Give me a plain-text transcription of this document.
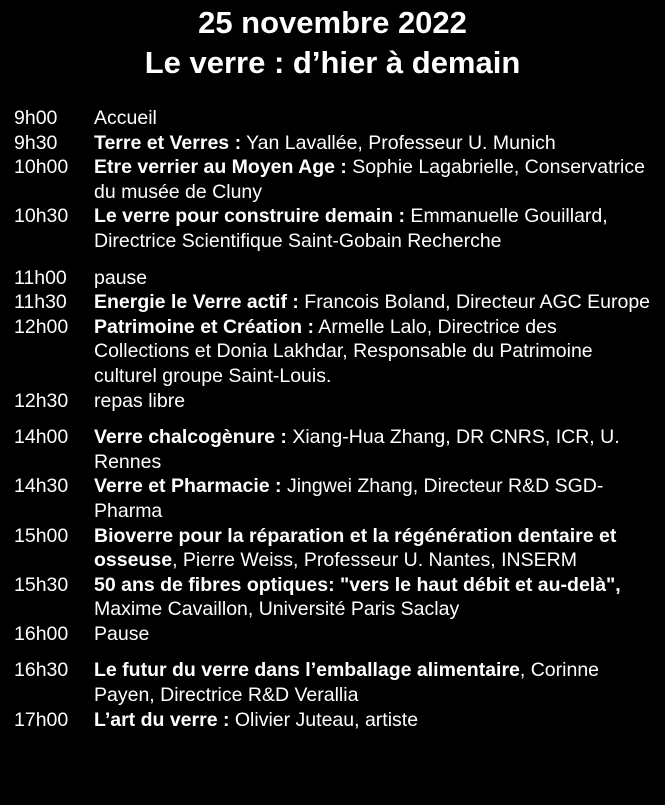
25 novembre 2022
Le verre : d’hier à demain
9h00	Accueil
9h30	Terre et Verres : Yan Lavallée, Professeur U. Munich
10h00	Etre verrier au Moyen Age : Sophie Lagabrielle, Conservatrice du musée de Cluny
10h30	Le verre pour construire demain : Emmanuelle Gouillard, Directrice Scientifique Saint-Gobain Recherche
11h00	pause
11h30	Energie le Verre actif : Francois Boland, Directeur AGC Europe
12h00	Patrimoine et Création : Armelle Lalo, Directrice des Collections et Donia Lakhdar, Responsable du Patrimoine culturel groupe Saint-Louis.
12h30	repas libre
14h00	Verre chalcogènure : Xiang-Hua Zhang, DR CNRS, ICR, U. Rennes
14h30	Verre et Pharmacie : Jingwei Zhang, Directeur R&D SGD-Pharma
15h00	Bioverre pour la réparation et la régénération dentaire et osseuse, Pierre Weiss, Professeur U. Nantes, INSERM
15h30	50 ans de fibres optiques: "vers le haut débit et au-delà", Maxime Cavaillon, Université Paris Saclay
16h00	Pause
16h30	Le futur du verre dans l’emballage alimentaire, Corinne Payen, Directrice R&D Verallia
17h00	L’art du verre : Olivier Juteau, artiste
